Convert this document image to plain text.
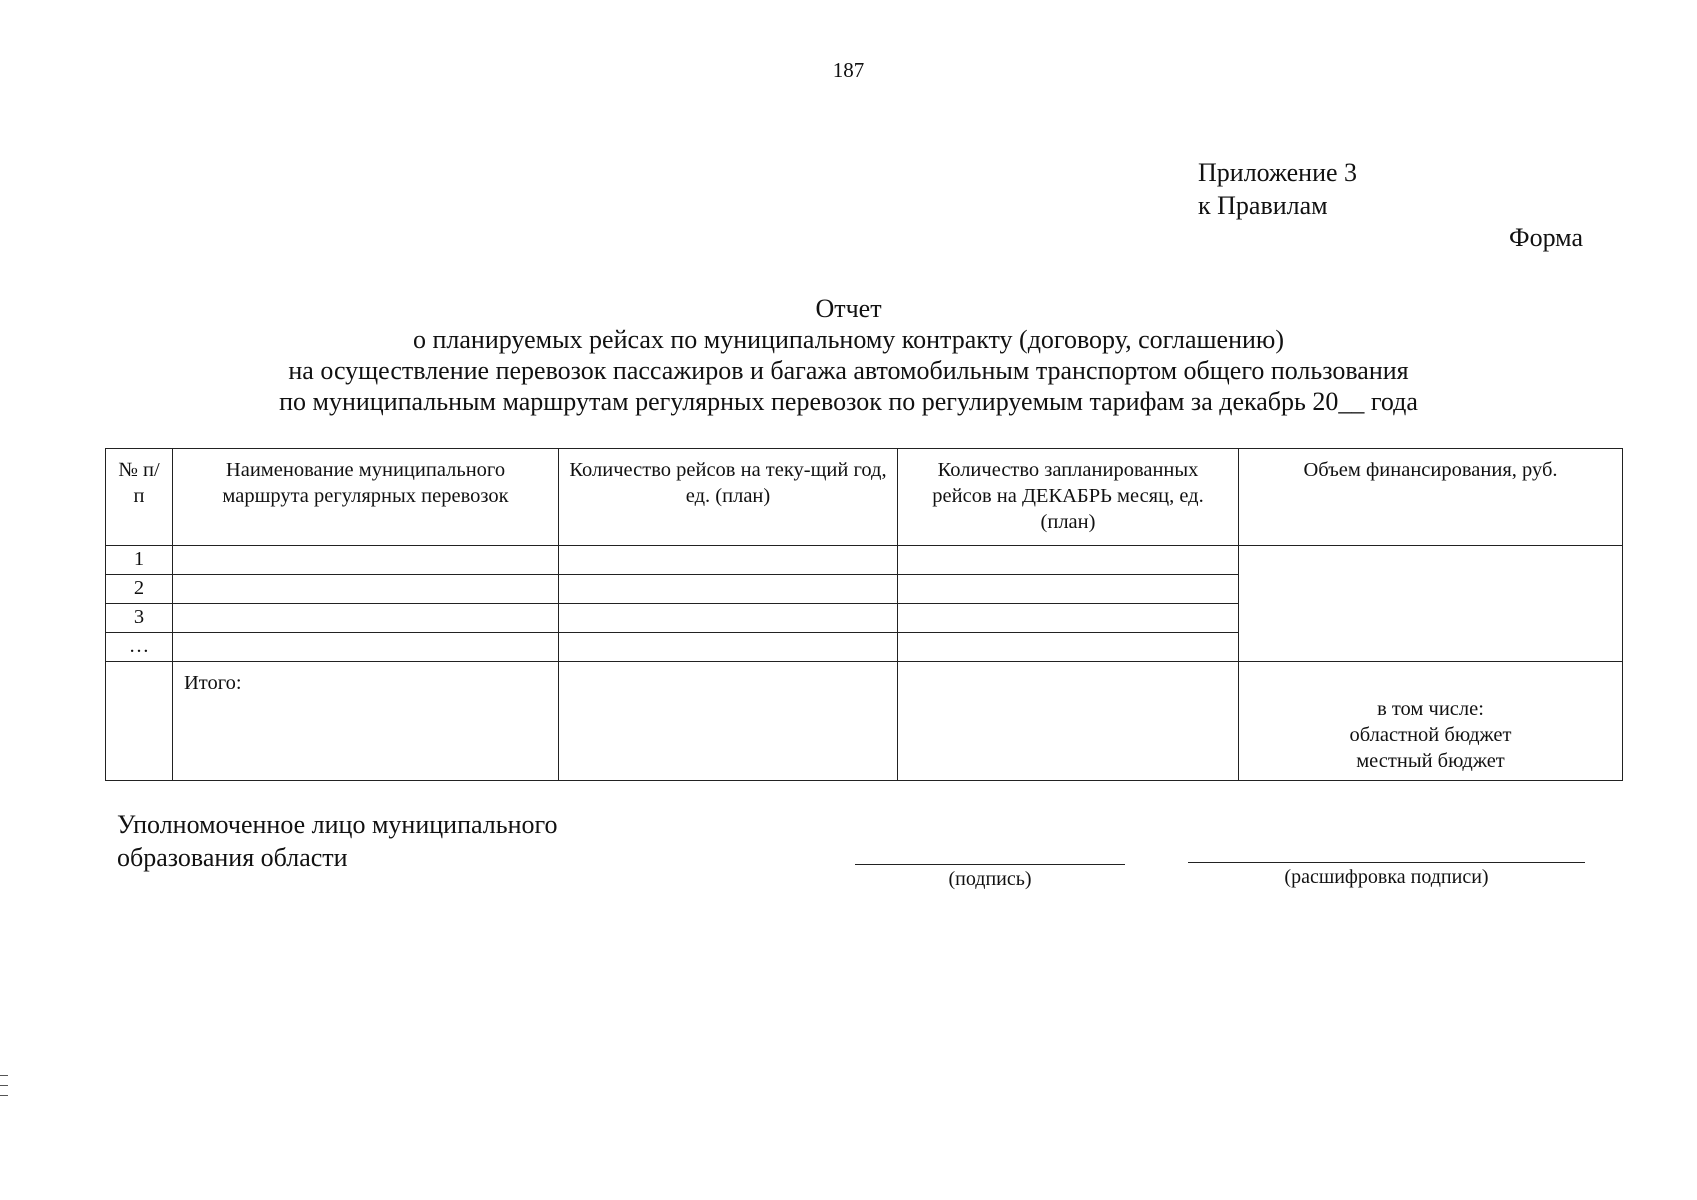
187
Приложение 3
к Правилам
Форма
Отчет
о планируемых рейсах по муниципальному контракту (договору, соглашению)
на осуществление перевозок пассажиров и багажа автомобильным транспортом общего пользования
по муниципальным маршрутам регулярных перевозок по регулируемым тарифам за декабрь 20__ года
№ п/п	Наименование муниципального маршрута регулярных перевозок	Количество рейсов на теку-щий год, ед. (план)	Количество запланированных рейсов на ДЕКАБРЬ месяц, ед. (план)	Объем финансирования, руб.
1				
2				
3				
…				
	Итого:			в том числе:
областной бюджет
местный бюджет
Уполномоченное лицо муниципального
образования области
(подпись)	(расшифровка подписи)
